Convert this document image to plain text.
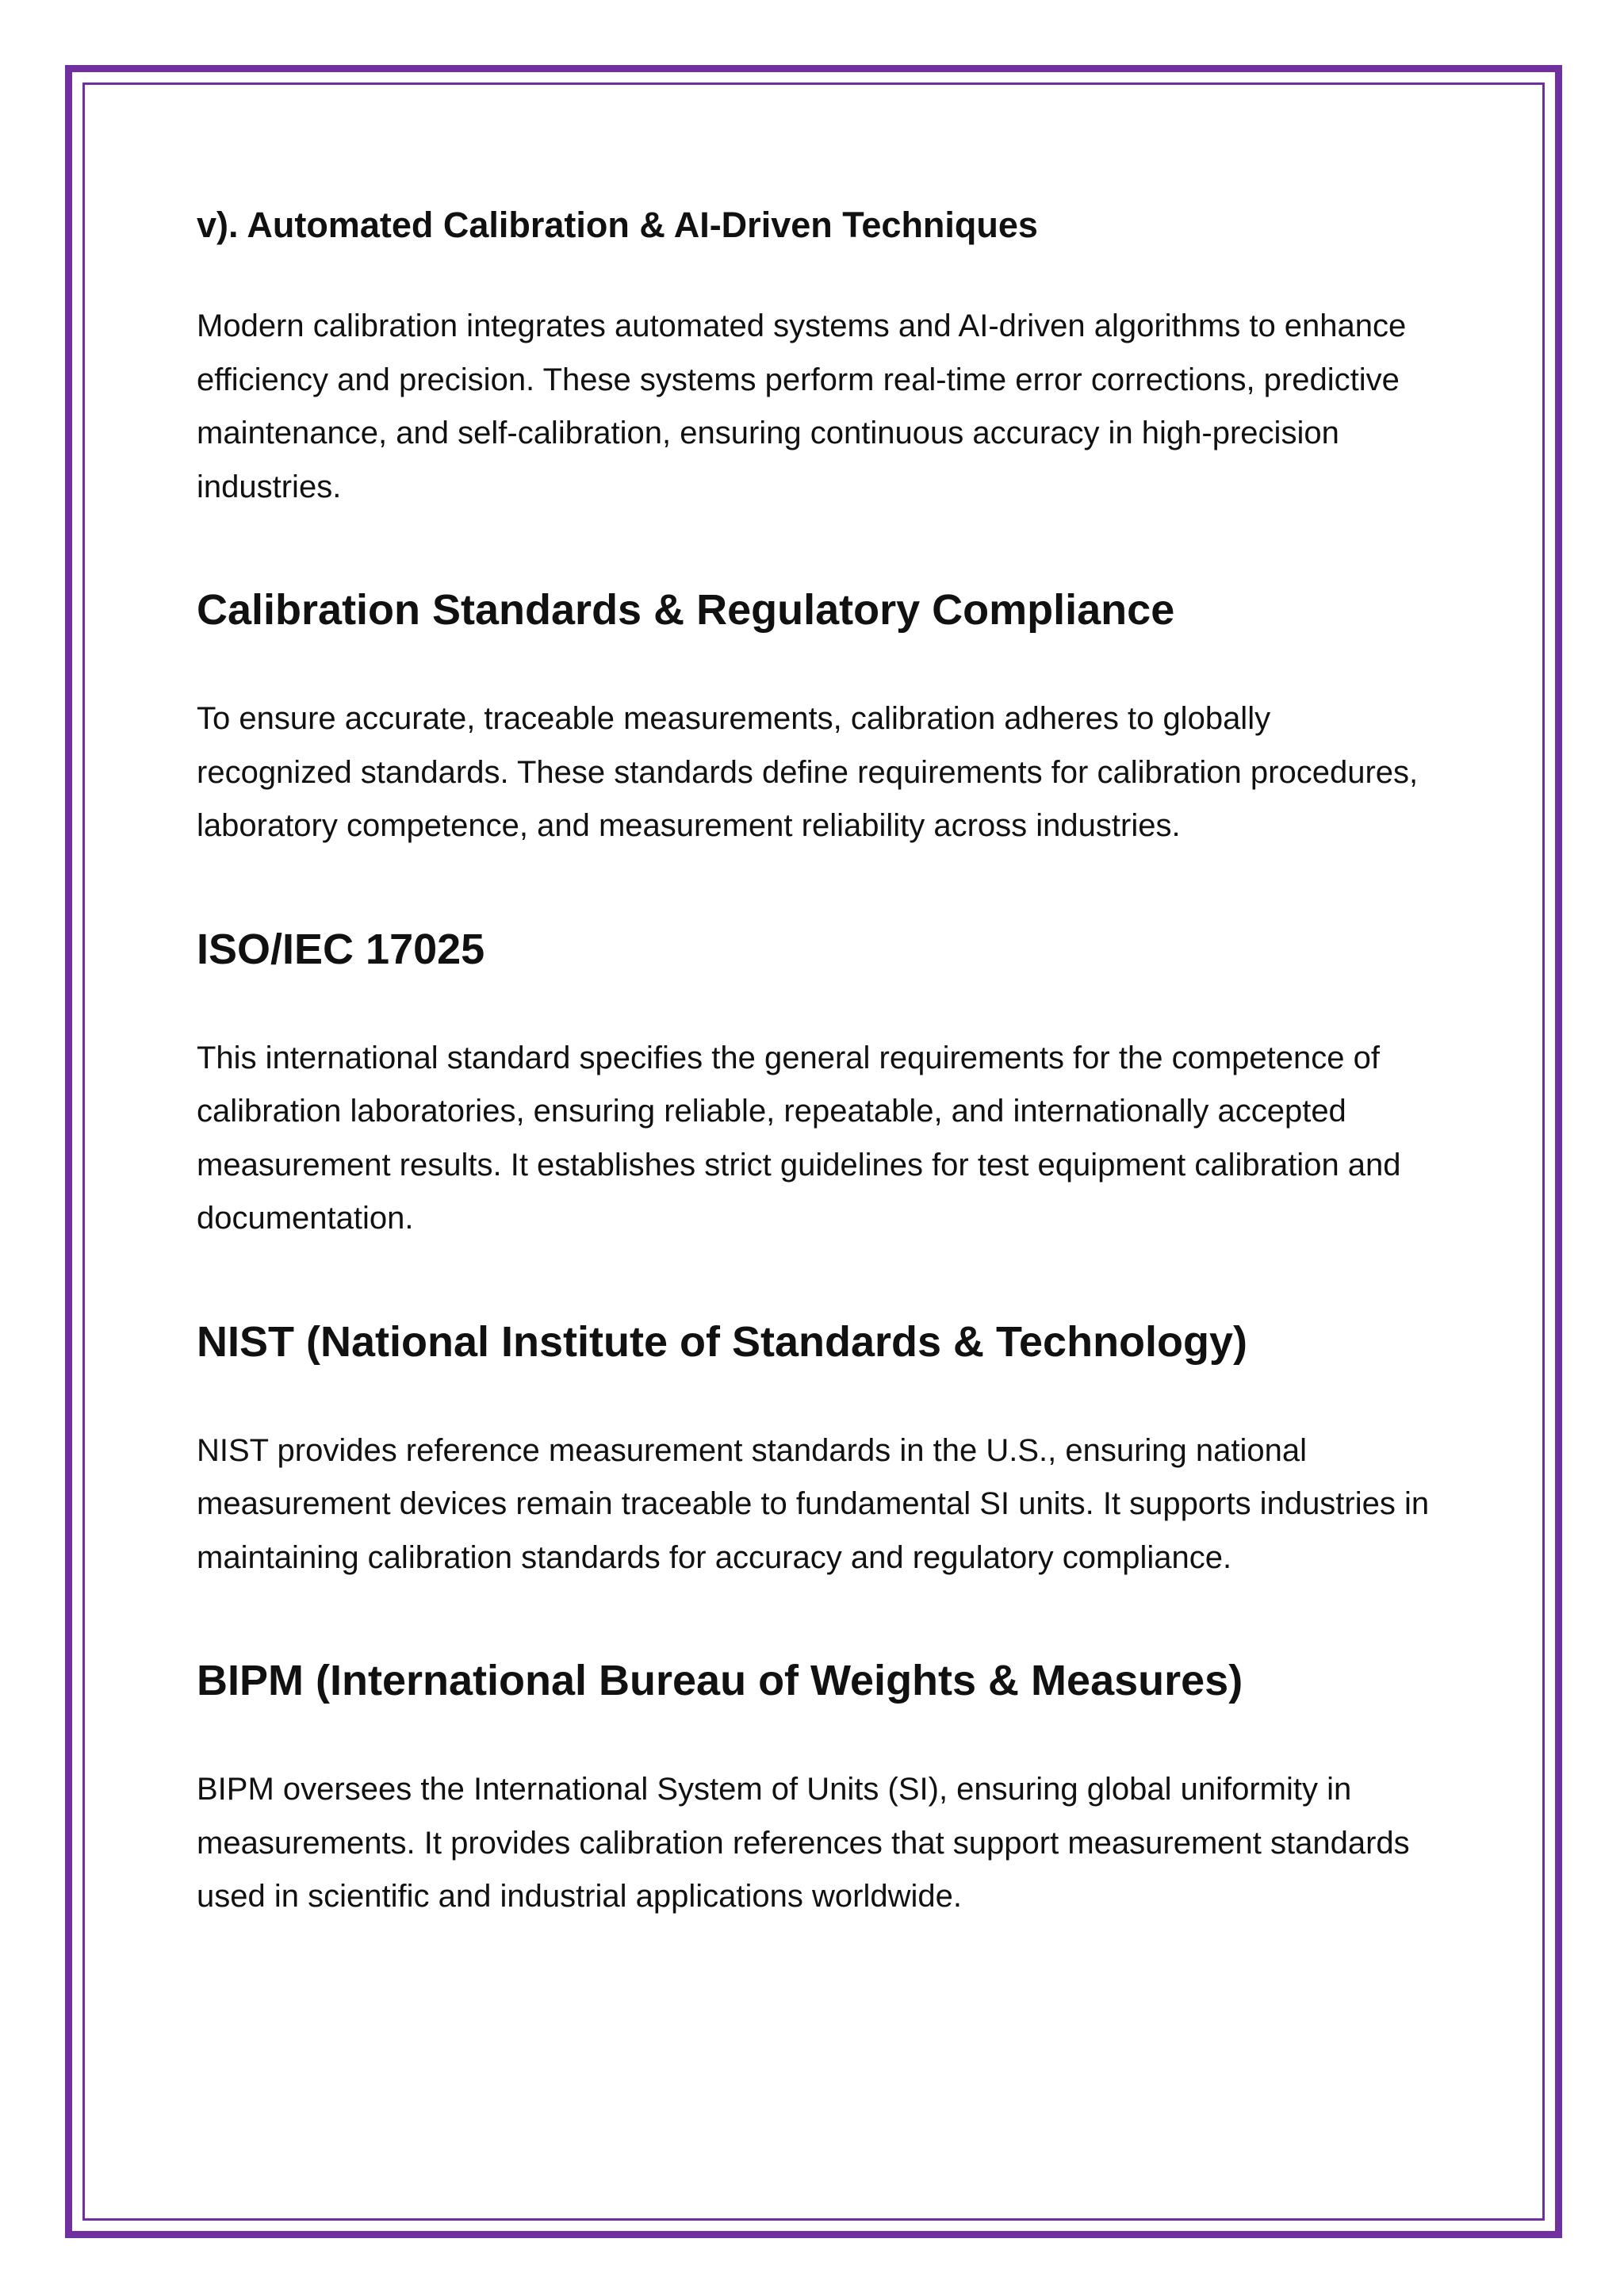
v). Automated Calibration & AI-Driven Techniques

Modern calibration integrates automated systems and AI-driven algorithms to enhance efficiency and precision. These systems perform real-time error corrections, predictive maintenance, and self-calibration, ensuring continuous accuracy in high-precision industries.

Calibration Standards & Regulatory Compliance

To ensure accurate, traceable measurements, calibration adheres to globally recognized standards. These standards define requirements for calibration procedures, laboratory competence, and measurement reliability across industries.

ISO/IEC 17025

This international standard specifies the general requirements for the competence of calibration laboratories, ensuring reliable, repeatable, and internationally accepted measurement results. It establishes strict guidelines for test equipment calibration and documentation.

NIST (National Institute of Standards & Technology)

NIST provides reference measurement standards in the U.S., ensuring national measurement devices remain traceable to fundamental SI units. It supports industries in maintaining calibration standards for accuracy and regulatory compliance.

BIPM (International Bureau of Weights & Measures)

BIPM oversees the International System of Units (SI), ensuring global uniformity in measurements. It provides calibration references that support measurement standards used in scientific and industrial applications worldwide.
